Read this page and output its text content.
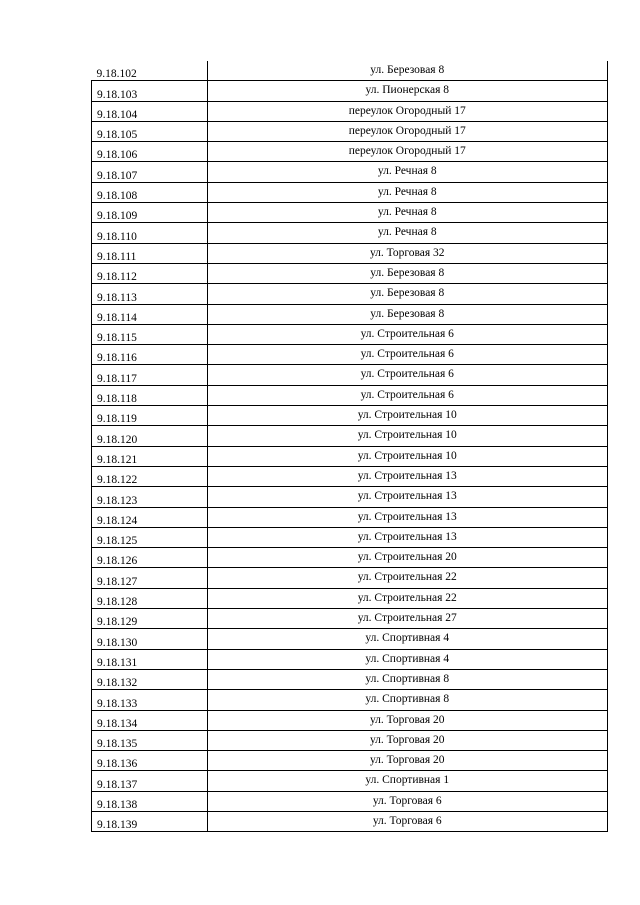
9.18.102	ул. Березовая 8
9.18.103	ул. Пионерская 8
9.18.104	переулок Огородный 17
9.18.105	переулок Огородный 17
9.18.106	переулок Огородный 17
9.18.107	ул. Речная 8
9.18.108	ул. Речная 8
9.18.109	ул. Речная 8
9.18.110	ул. Речная 8
9.18.111	ул. Торговая 32
9.18.112	ул. Березовая 8
9.18.113	ул. Березовая 8
9.18.114	ул. Березовая 8
9.18.115	ул. Строительная 6
9.18.116	ул. Строительная 6
9.18.117	ул. Строительная 6
9.18.118	ул. Строительная 6
9.18.119	ул. Строительная 10
9.18.120	ул. Строительная 10
9.18.121	ул. Строительная 10
9.18.122	ул. Строительная 13
9.18.123	ул. Строительная 13
9.18.124	ул. Строительная 13
9.18.125	ул. Строительная 13
9.18.126	ул. Строительная 20
9.18.127	ул. Строительная 22
9.18.128	ул. Строительная 22
9.18.129	ул. Строительная 27
9.18.130	ул. Спортивная 4
9.18.131	ул. Спортивная 4
9.18.132	ул. Спортивная 8
9.18.133	ул. Спортивная 8
9.18.134	ул. Торговая 20
9.18.135	ул. Торговая 20
9.18.136	ул. Торговая 20
9.18.137	ул. Спортивная 1
9.18.138	ул. Торговая 6
9.18.139	ул. Торговая 6
